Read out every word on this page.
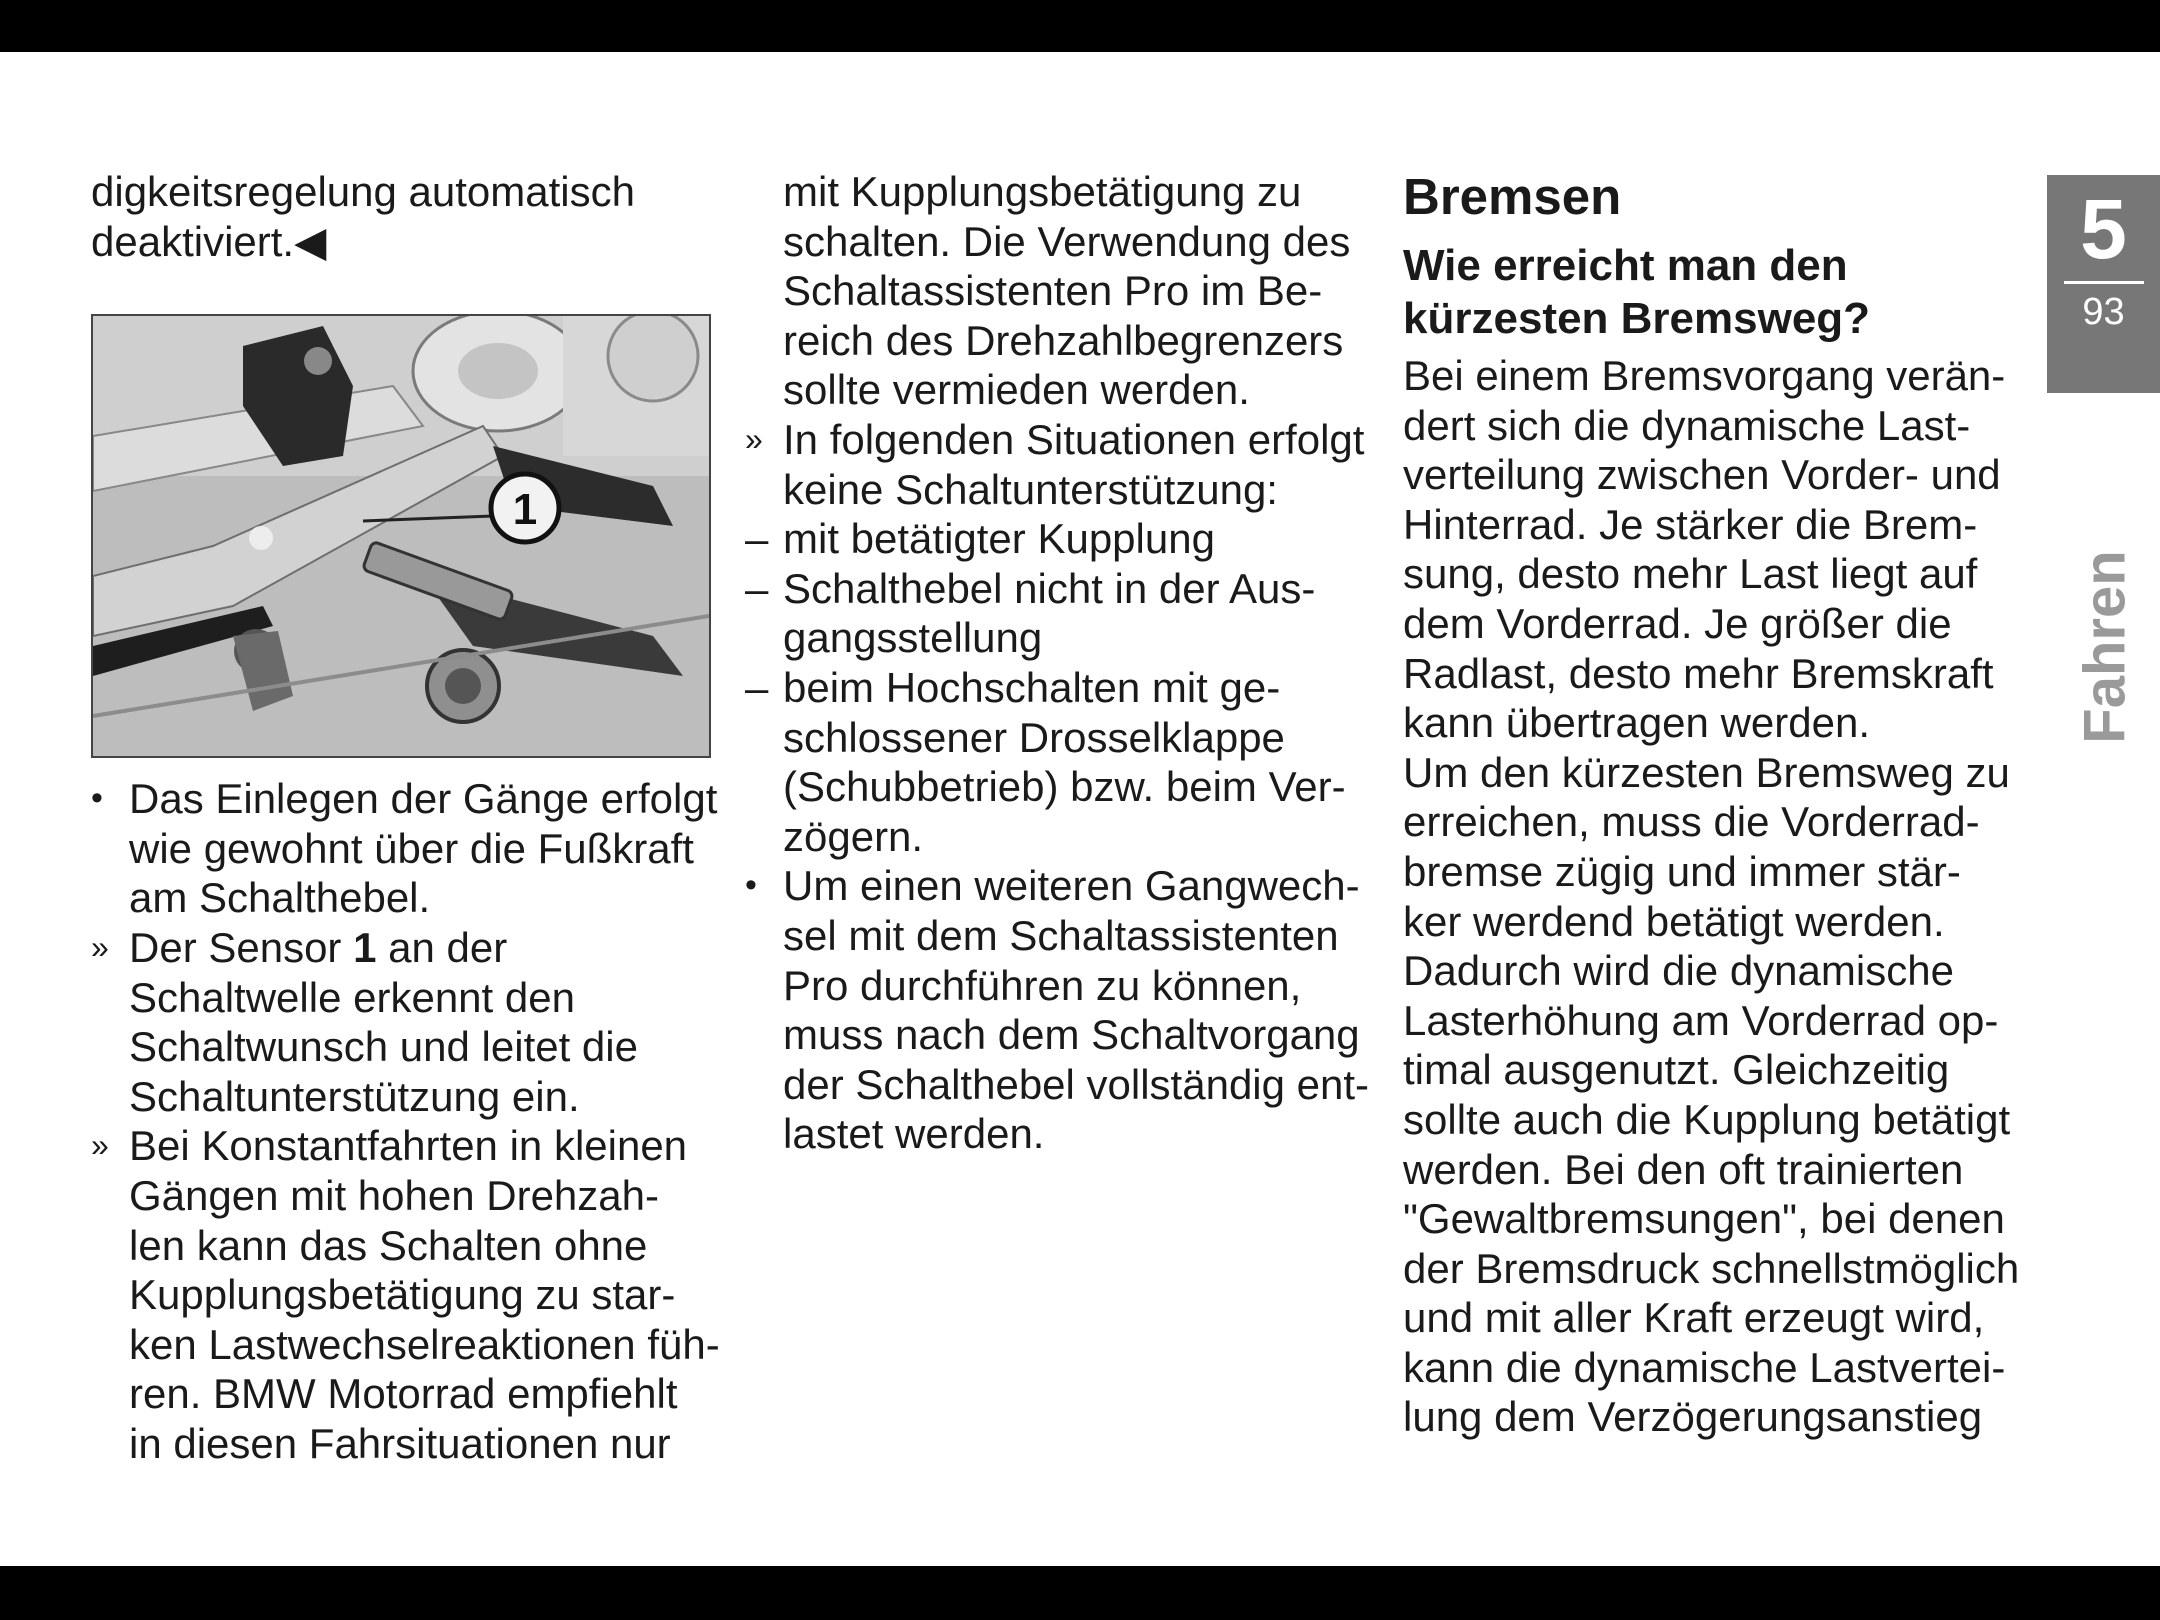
digkeitsregelung automatisch
deaktiviert.◀
1
• Das Einlegen der Gänge erfolgt
wie gewohnt über die Fußkraft
am Schalthebel.
» Der Sensor 1 an der
Schaltwelle erkennt den
Schaltwunsch und leitet die
Schaltunterstützung ein.
» Bei Konstantfahrten in kleinen
Gängen mit hohen Drehzah-
len kann das Schalten ohne
Kupplungsbetätigung zu star-
ken Lastwechselreaktionen füh-
ren. BMW Motorrad empfiehlt
in diesen Fahrsituationen nur
mit Kupplungsbetätigung zu
schalten. Die Verwendung des
Schaltassistenten Pro im Be-
reich des Drehzahlbegrenzers
sollte vermieden werden.
» In folgenden Situationen erfolgt
keine Schaltunterstützung:
– mit betätigter Kupplung
– Schalthebel nicht in der Aus-
gangsstellung
– beim Hochschalten mit ge-
schlossener Drosselklappe
(Schubbetrieb) bzw. beim Ver-
zögern.
• Um einen weiteren Gangwech-
sel mit dem Schaltassistenten
Pro durchführen zu können,
muss nach dem Schaltvorgang
der Schalthebel vollständig ent-
lastet werden.
Bremsen
Wie erreicht man den
kürzesten Bremsweg?
Bei einem Bremsvorgang verän-
dert sich die dynamische Last-
verteilung zwischen Vorder- und
Hinterrad. Je stärker die Brem-
sung, desto mehr Last liegt auf
dem Vorderrad. Je größer die
Radlast, desto mehr Bremskraft
kann übertragen werden.
Um den kürzesten Bremsweg zu
erreichen, muss die Vorderrad-
bremse zügig und immer stär-
ker werdend betätigt werden.
Dadurch wird die dynamische
Lasterhöhung am Vorderrad op-
timal ausgenutzt. Gleichzeitig
sollte auch die Kupplung betätigt
werden. Bei den oft trainierten
"Gewaltbremsungen", bei denen
der Bremsdruck schnellstmöglich
und mit aller Kraft erzeugt wird,
kann die dynamische Lastvertei-
lung dem Verzögerungsanstieg
5
93
Fahren
